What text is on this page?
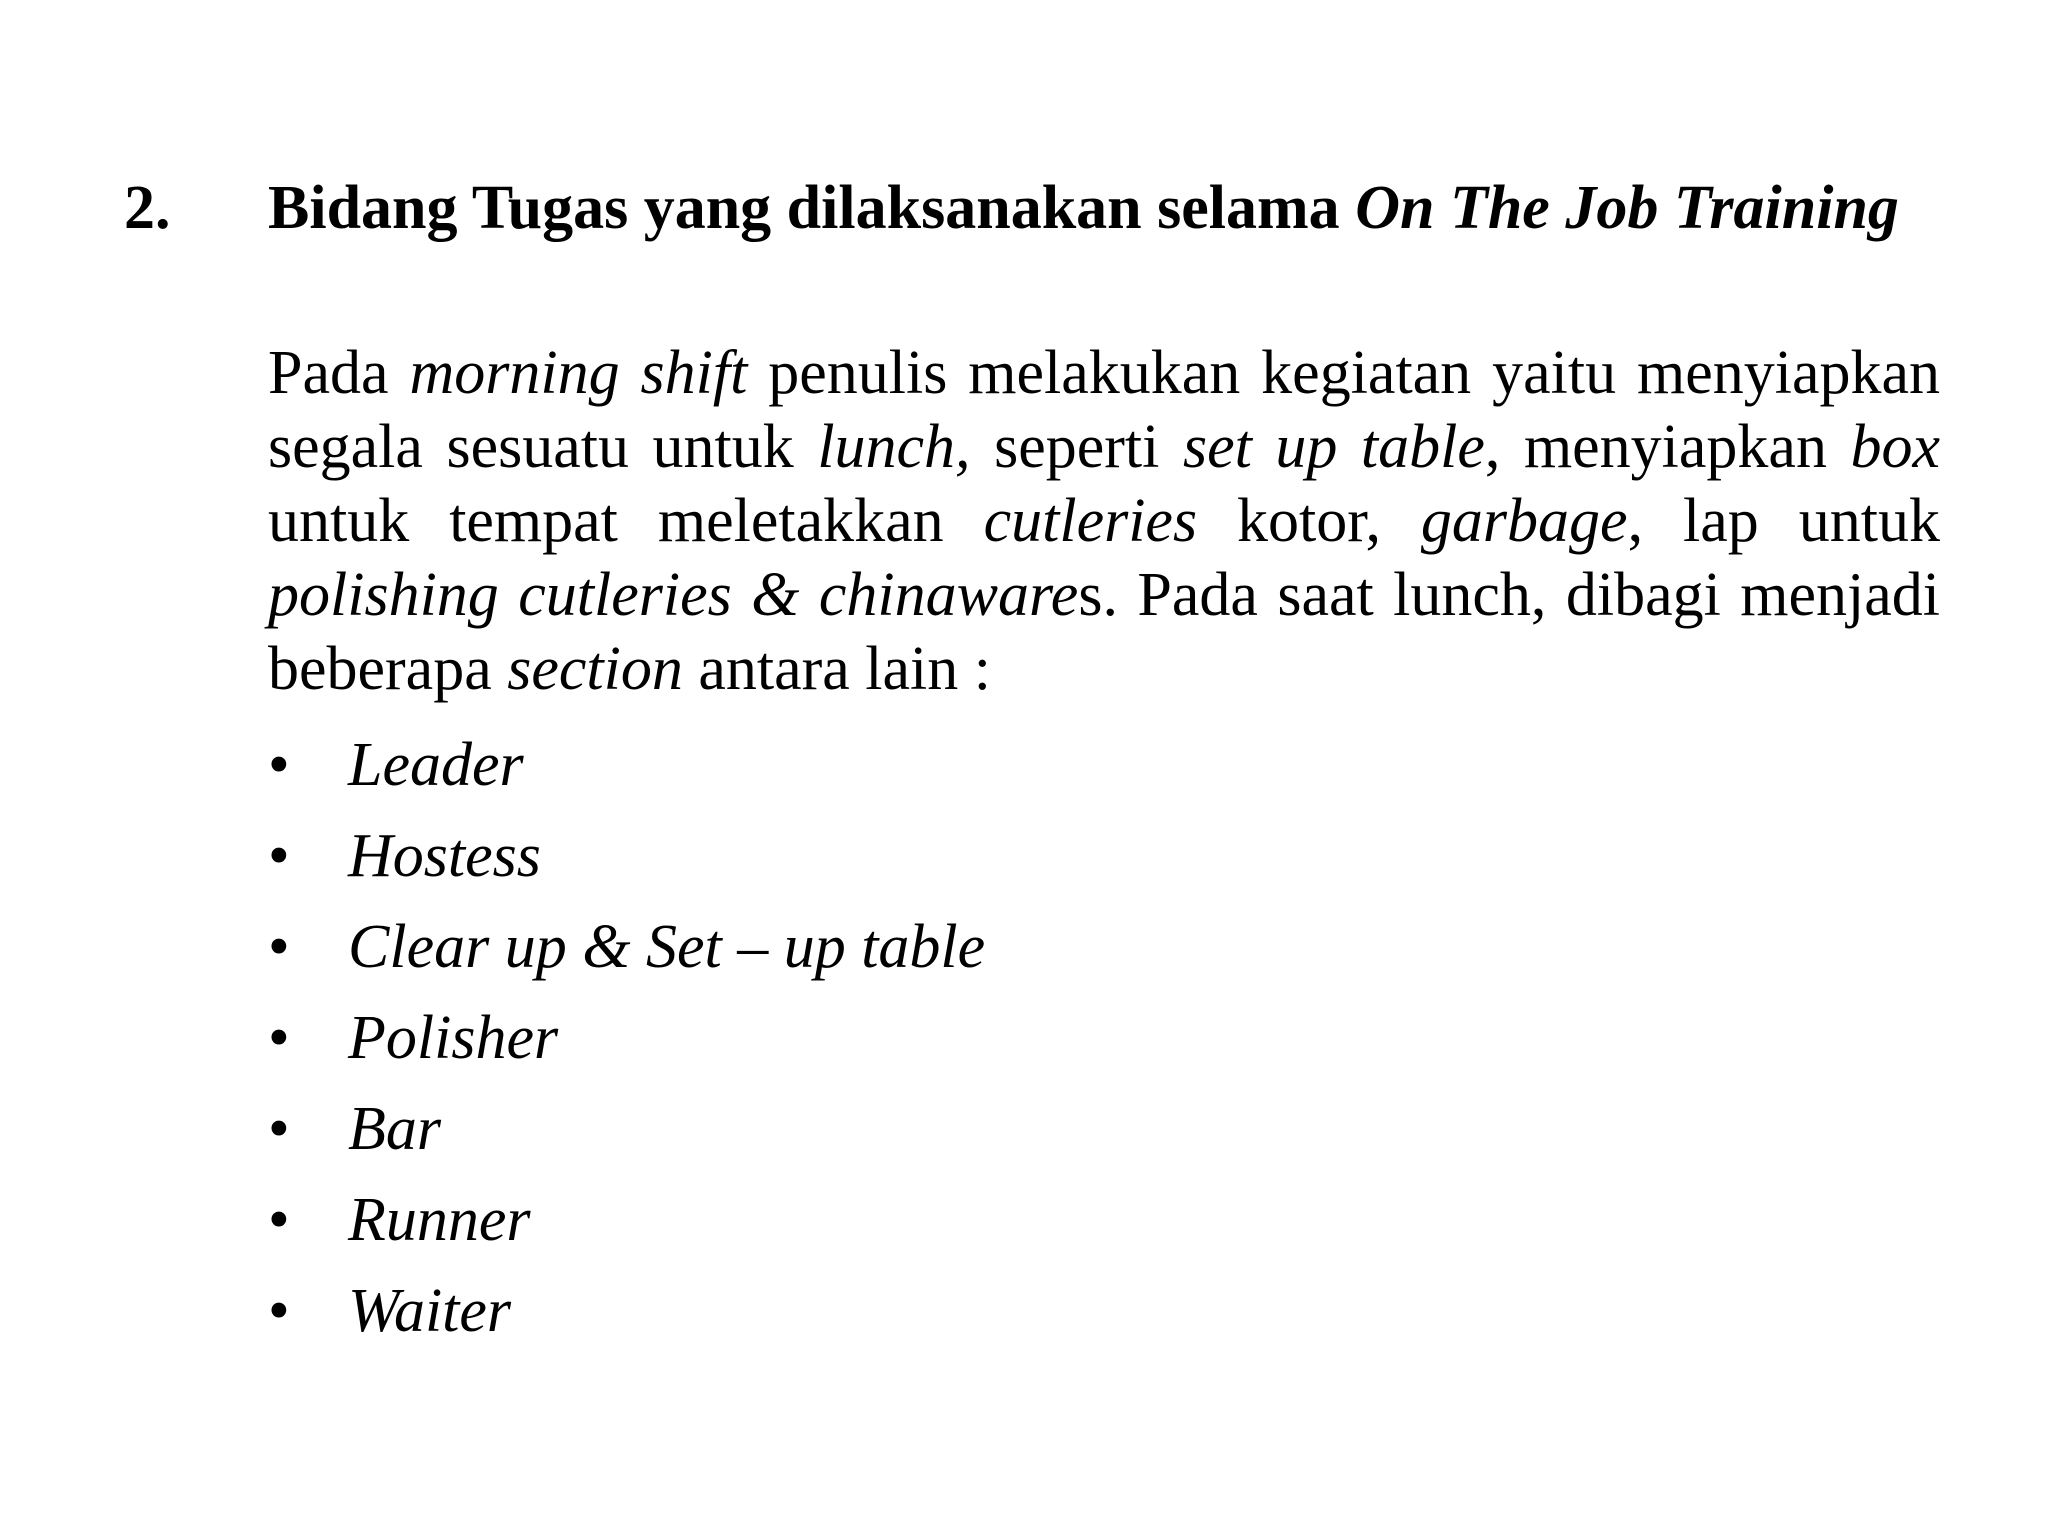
2. Bidang Tugas yang dilaksanakan selama On The Job Training
Pada morning shift penulis melakukan kegiatan yaitu menyiapkan segala sesuatu untuk lunch, seperti set up table, menyiapkan box untuk tempat meletakkan cutleries kotor, garbage, lap untuk polishing cutleries & chinawares. Pada saat lunch, dibagi menjadi beberapa section antara lain :
• Leader
• Hostess
• Clear up & Set – up table
• Polisher
• Bar
• Runner
• Waiter
